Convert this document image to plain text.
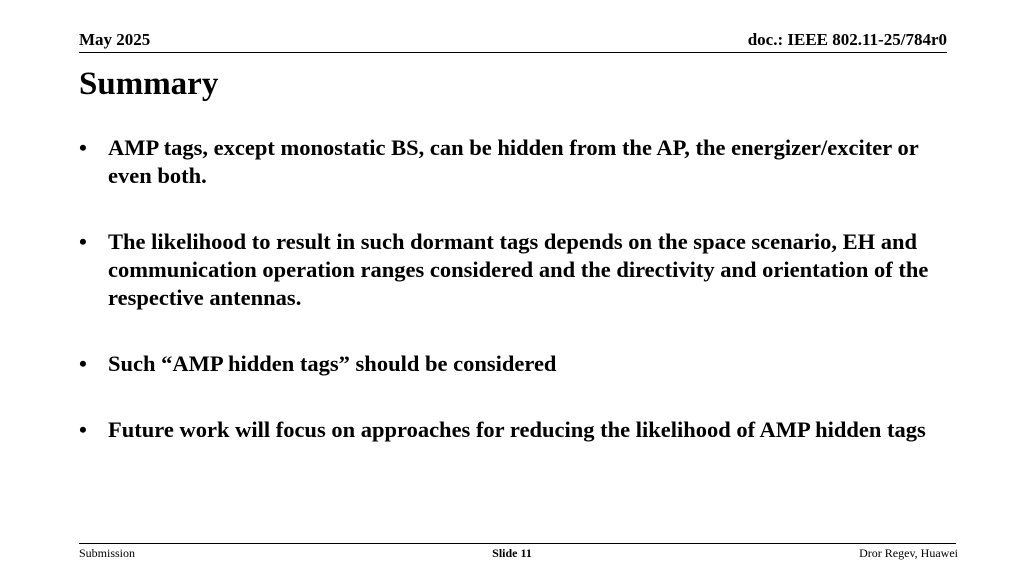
May 2025	doc.: IEEE 802.11-25/784r0
Summary
• AMP tags, except monostatic BS, can be hidden from the AP, the energizer/exciter or even both.
• The likelihood to result in such dormant tags depends on the space scenario, EH and communication operation ranges considered and the directivity and orientation of the respective antennas.
• Such “AMP hidden tags” should be considered
• Future work will focus on approaches for reducing the likelihood of AMP hidden tags
Submission	Slide 11	Dror Regev, Huawei
